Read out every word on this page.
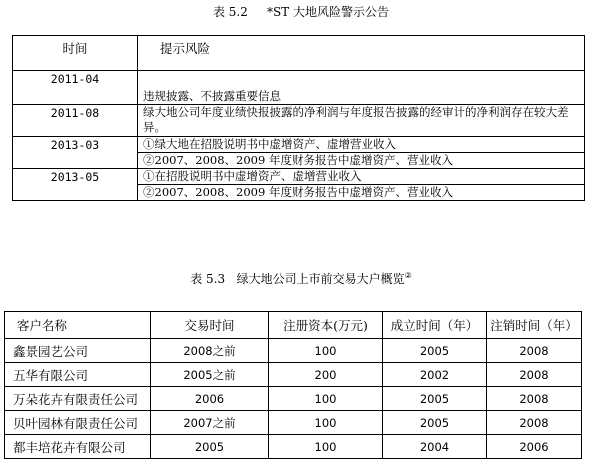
表 5.2     *ST 大地风险警示公告
时间	提示风险
2011-04	违规披露、不披露重要信息
2011-08	绿大地公司年度业绩快报披露的净利润与年度报告披露的经审计的净利润存在较大差异。
2013-03	①绿大地在招股说明书中虚增资产、虚增营业收入
	②2007、2008、2009 年度财务报告中虚增资产、营业收入
2013-05	①在招股说明书中虚增资产、虚增营业收入
	②2007、2008、2009 年度财务报告中虚增资产、营业收入
表 5.3   绿大地公司上市前交易大户概览②
客户名称	交易时间	注册资本(万元)	成立时间（年）	注销时间（年）
鑫景园艺公司	2008之前	100	2005	2008
五华有限公司	2005之前	200	2002	2008
万朵花卉有限责任公司	2006	100	2005	2008
贝叶园林有限责任公司	2007之前	100	2005	2008
都丰培花卉有限公司	2005	100	2004	2006
